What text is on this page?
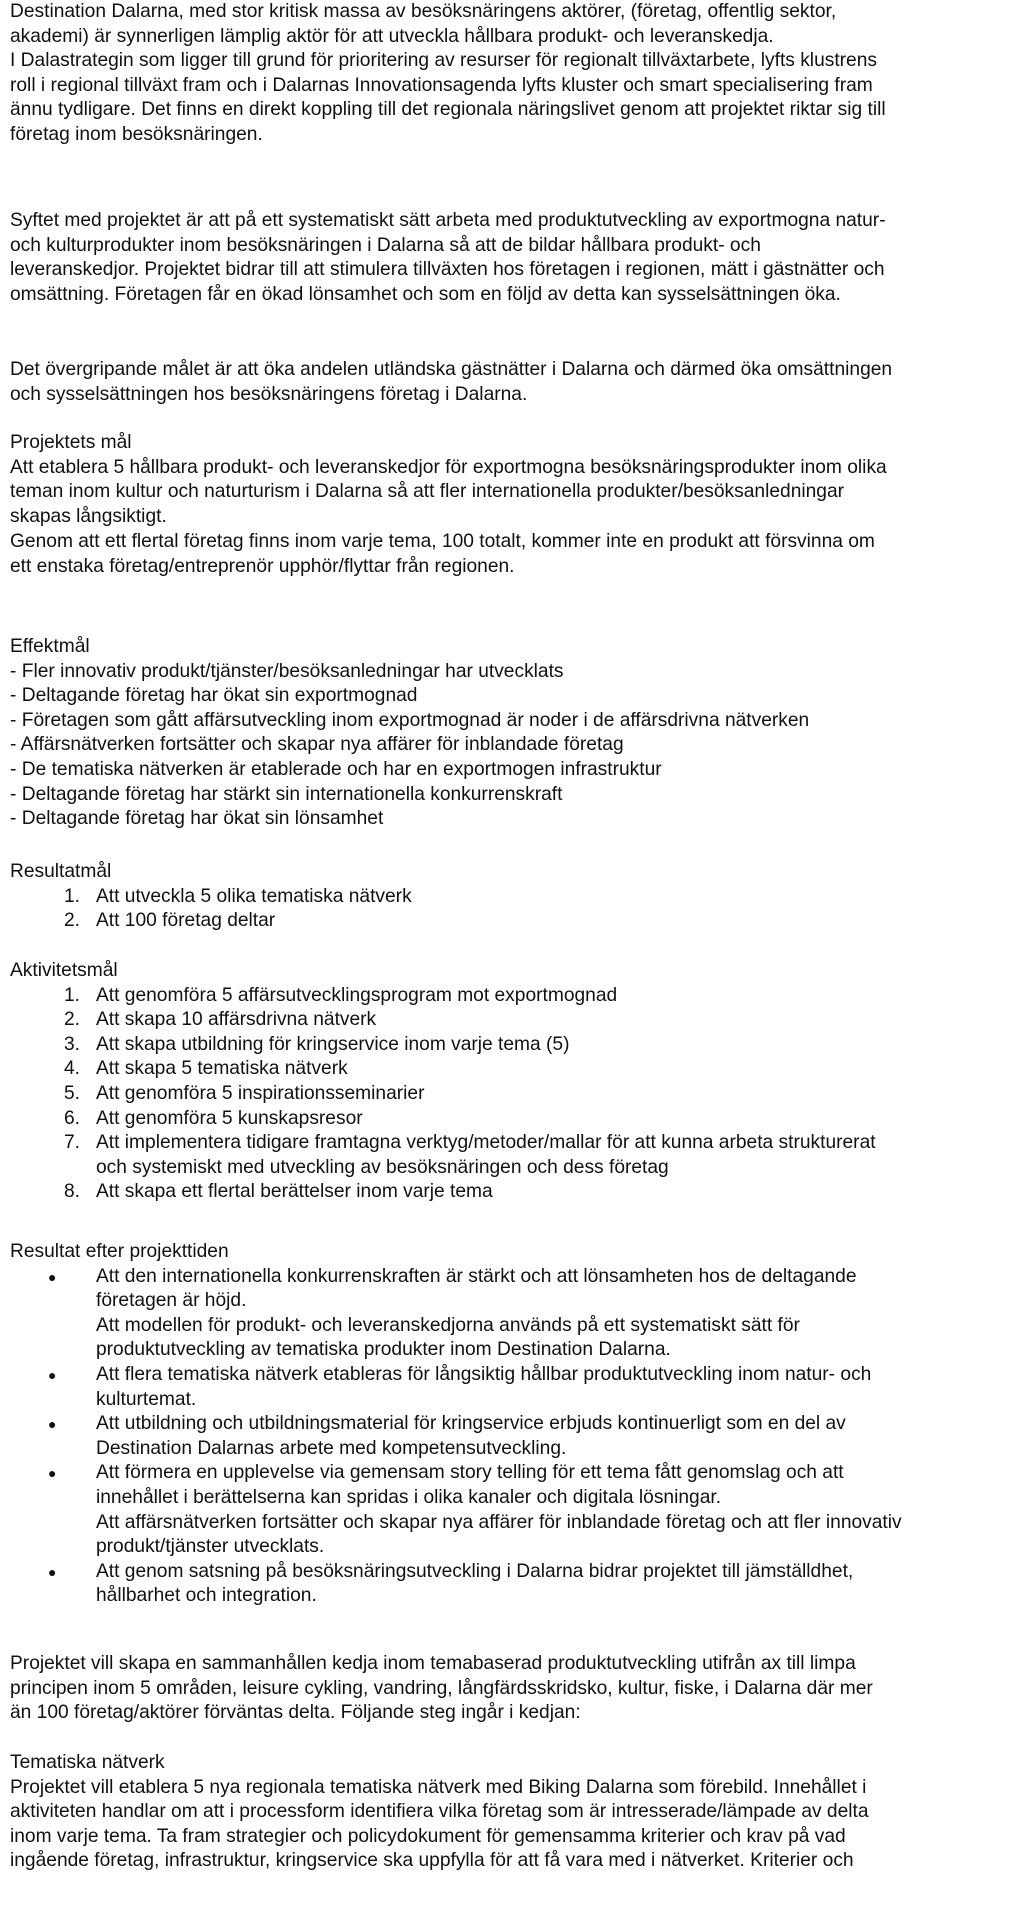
Destination Dalarna, med stor kritisk massa av besöksnäringens aktörer, (företag, offentlig sektor,
akademi) är synnerligen lämplig aktör för att utveckla hållbara produkt- och leveranskedja.
I Dalastrategin som ligger till grund för prioritering av resurser för regionalt tillväxtarbete, lyfts klustrens
roll i regional tillväxt fram och i Dalarnas Innovationsagenda lyfts kluster och smart specialisering fram
ännu tydligare. Det finns en direkt koppling till det regionala näringslivet genom att projektet riktar sig till
företag inom besöksnäringen.
Syftet med projektet är att på ett systematiskt sätt arbeta med produktutveckling av exportmogna natur-
och kulturprodukter inom besöksnäringen i Dalarna så att de bildar hållbara produkt- och
leveranskedjor. Projektet bidrar till att stimulera tillväxten hos företagen i regionen, mätt i gästnätter och
omsättning. Företagen får en ökad lönsamhet och som en följd av detta kan sysselsättningen öka.
Det övergripande målet är att öka andelen utländska gästnätter i Dalarna och därmed öka omsättningen
och sysselsättningen hos besöksnäringens företag i Dalarna.
Projektets mål
Att etablera 5 hållbara produkt- och leveranskedjor för exportmogna besöksnäringsprodukter inom olika
teman inom kultur och naturturism i Dalarna så att fler internationella produkter/besöksanledningar
skapas långsiktigt.
Genom att ett flertal företag finns inom varje tema, 100 totalt, kommer inte en produkt att försvinna om
ett enstaka företag/entreprenör upphör/flyttar från regionen.
Effektmål
- Fler innovativ produkt/tjänster/besöksanledningar har utvecklats
- Deltagande företag har ökat sin exportmognad
- Företagen som gått affärsutveckling inom exportmognad är noder i de affärsdrivna nätverken
- Affärsnätverken fortsätter och skapar nya affärer för inblandade företag
- De tematiska nätverken är etablerade och har en exportmogen infrastruktur
- Deltagande företag har stärkt sin internationella konkurrenskraft
- Deltagande företag har ökat sin lönsamhet
Resultatmål
1. Att utveckla 5 olika tematiska nätverk
2. Att 100 företag deltar
Aktivitetsmål
1. Att genomföra 5 affärsutvecklingsprogram mot exportmognad
2. Att skapa 10 affärsdrivna nätverk
3. Att skapa utbildning för kringservice inom varje tema (5)
4. Att skapa 5 tematiska nätverk
5. Att genomföra 5 inspirationsseminarier
6. Att genomföra 5 kunskapsresor
7. Att implementera tidigare framtagna verktyg/metoder/mallar för att kunna arbeta strukturerat
och systemiskt med utveckling av besöksnäringen och dess företag
8. Att skapa ett flertal berättelser inom varje tema
Resultat efter projekttiden
● Att den internationella konkurrenskraften är stärkt och att lönsamheten hos de deltagande
företagen är höjd.
Att modellen för produkt- och leveranskedjorna används på ett systematiskt sätt för
produktutveckling av tematiska produkter inom Destination Dalarna.
● Att flera tematiska nätverk etableras för långsiktig hållbar produktutveckling inom natur- och
kulturtemat.
● Att utbildning och utbildningsmaterial för kringservice erbjuds kontinuerligt som en del av
Destination Dalarnas arbete med kompetensutveckling.
● Att förmera en upplevelse via gemensam story telling för ett tema fått genomslag och att
innehållet i berättelserna kan spridas i olika kanaler och digitala lösningar.
Att affärsnätverken fortsätter och skapar nya affärer för inblandade företag och att fler innovativ
produkt/tjänster utvecklats.
● Att genom satsning på besöksnäringsutveckling i Dalarna bidrar projektet till jämställdhet,
hållbarhet och integration.
Projektet vill skapa en sammanhållen kedja inom temabaserad produktutveckling utifrån ax till limpa
principen inom 5 områden, leisure cykling, vandring, långfärdsskridsko, kultur, fiske, i Dalarna där mer
än 100 företag/aktörer förväntas delta. Följande steg ingår i kedjan:
Tematiska nätverk
Projektet vill etablera 5 nya regionala tematiska nätverk med Biking Dalarna som förebild. Innehållet i
aktiviteten handlar om att i processform identifiera vilka företag som är intresserade/lämpade av delta
inom varje tema. Ta fram strategier och policydokument för gemensamma kriterier och krav på vad
ingående företag, infrastruktur, kringservice ska uppfylla för att få vara med i nätverket. Kriterier och
